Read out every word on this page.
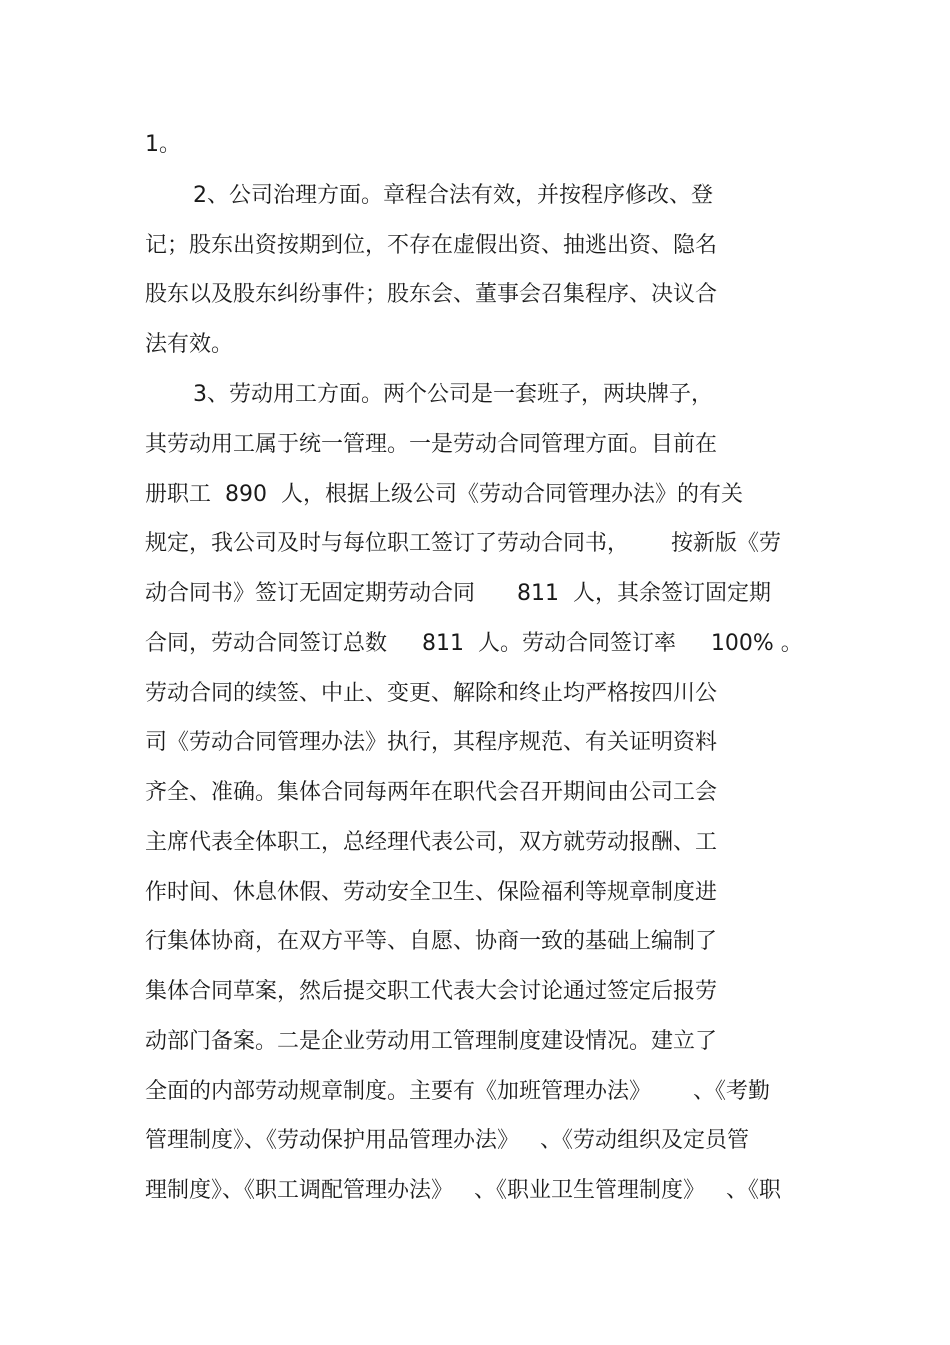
1。

2、公司治理方面。章程合法有效，并按程序修改、登

记；股东出资按期到位，不存在虚假出资、抽逃出资、隐名

股东以及股东纠纷事件；股东会、董事会召集程序、决议合

法有效。

3、劳动用工方面。两个公司是一套班子，两块牌子，

其劳动用工属于统一管理。一是劳动合同管理方面。目前在

册职工  890  人，根据上级公司《劳动合同管理办法》的有关

规定，我公司及时与每位职工签订了劳动合同书，      按新版《劳

动合同书》签订无固定期劳动合同      811  人，其余签订固定期

合同，劳动合同签订总数     811  人。劳动合同签订率     100% 。

劳动合同的续签、中止、变更、解除和终止均严格按四川公

司《劳动合同管理办法》执行，其程序规范、有关证明资料

齐全、准确。集体合同每两年在职代会召开期间由公司工会

主席代表全体职工，总经理代表公司，双方就劳动报酬、工

作时间、休息休假、劳动安全卫生、保险福利等规章制度进

行集体协商，在双方平等、自愿、协商一致的基础上编制了

集体合同草案，然后提交职工代表大会讨论通过签定后报劳

动部门备案。二是企业劳动用工管理制度建设情况。建立了

全面的内部劳动规章制度。主要有《加班管理办法》      、《考勤

管理制度》、《劳动保护用品管理办法》   、《劳动组织及定员管

理制度》、《职工调配管理办法》   、《职业卫生管理制度》   、《职
